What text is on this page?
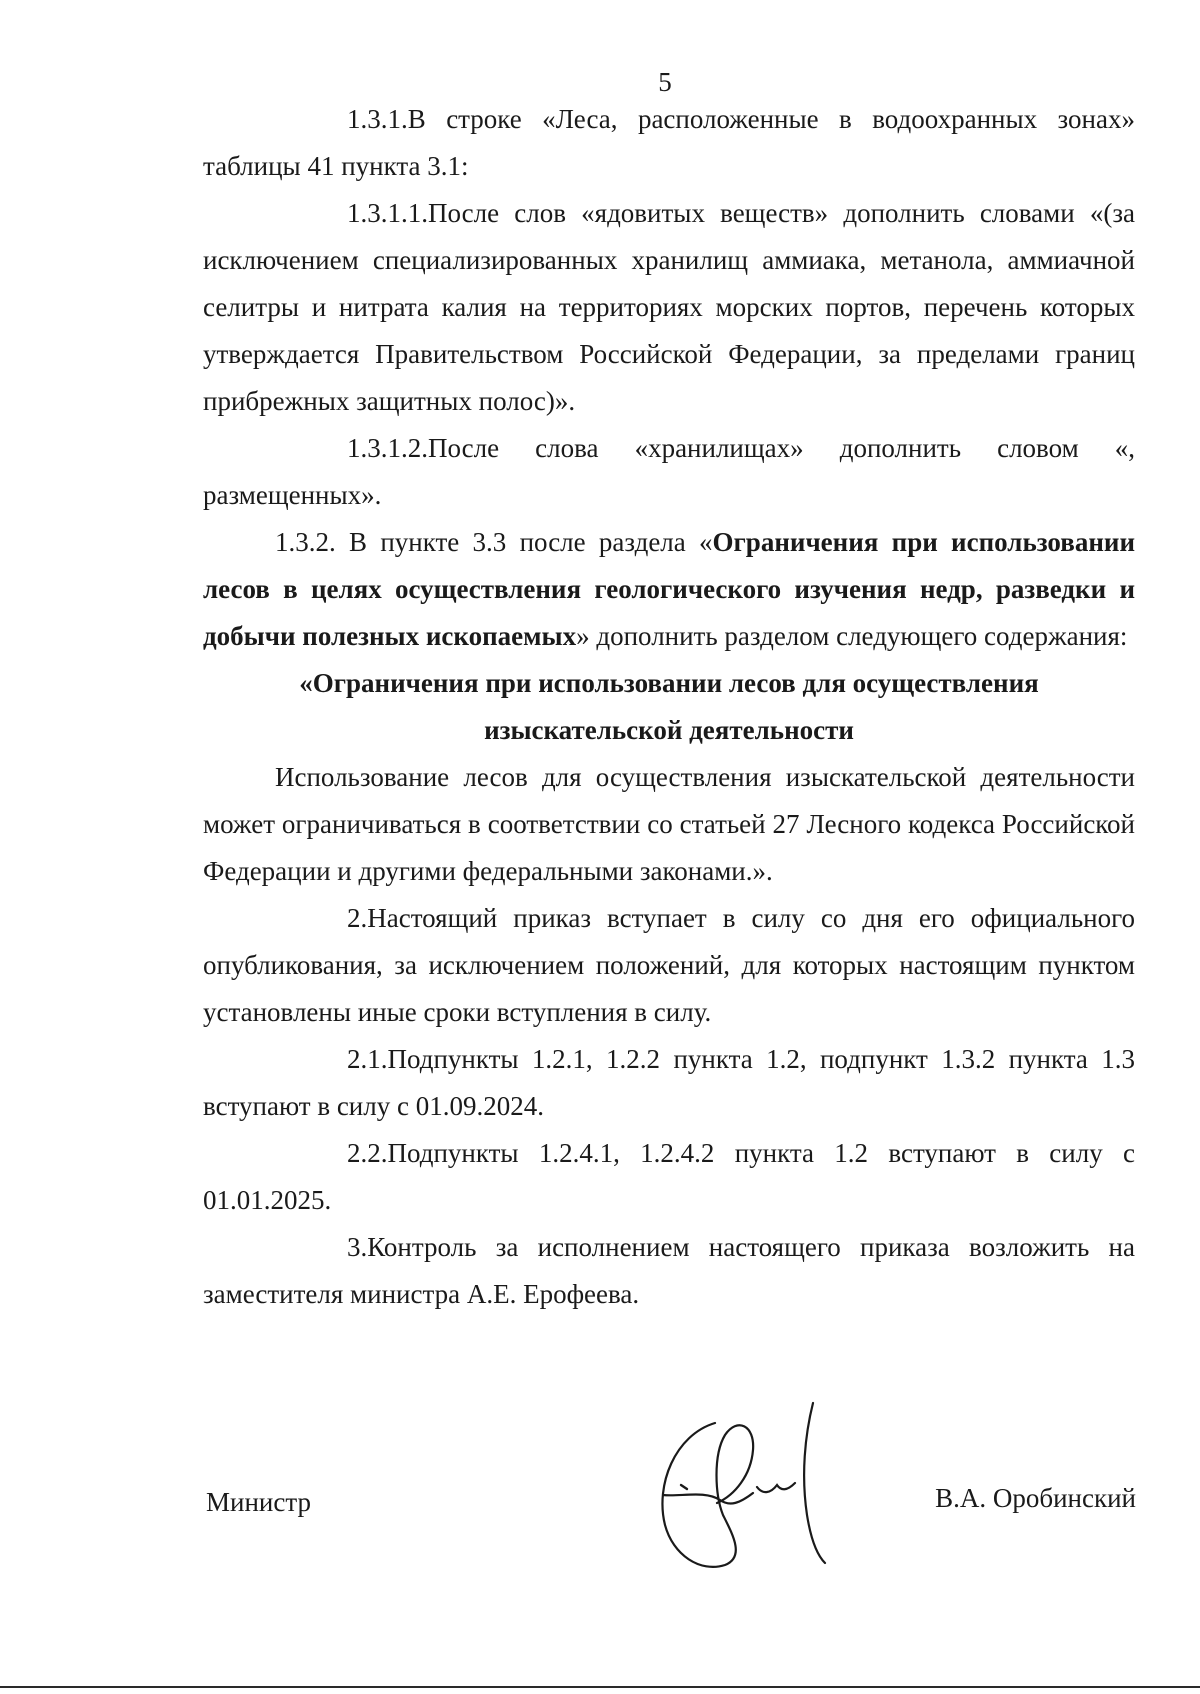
5

1.3.1.В строке «Леса, расположенные в водоохранных зонах» таблицы 41 пункта 3.1:

1.3.1.1.После слов «ядовитых веществ» дополнить словами «(за исключением специализированных хранилищ аммиака, метанола, аммиачной селитры и нитрата калия на территориях морских портов, перечень которых утверждается Правительством Российской Федерации, за пределами границ прибрежных защитных полос)».

1.3.1.2.После слова «хранилищах» дополнить словом «, размещенных».

1.3.2. В пункте 3.3 после раздела «Ограничения при использовании лесов в целях осуществления геологического изучения недр, разведки и добычи полезных ископаемых» дополнить разделом следующего содержания:

«Ограничения при использовании лесов для осуществления

изыскательской деятельности

Использование лесов для осуществления изыскательской деятельности может ограничиваться в соответствии со статьей 27 Лесного кодекса Российской Федерации и другими федеральными законами.».

2.Настоящий приказ вступает в силу со дня его официального опубликования, за исключением положений, для которых настоящим пунктом установлены иные сроки вступления в силу.

2.1.Подпункты 1.2.1, 1.2.2 пункта 1.2, подпункт 1.3.2 пункта 1.3 вступают в силу с 01.09.2024.

2.2.Подпункты 1.2.4.1, 1.2.4.2 пункта 1.2 вступают в силу с 01.01.2025.

3.Контроль за исполнением настоящего приказа возложить на заместителя министра А.Е. Ерофеева.

Министр	В.А. Оробинский
